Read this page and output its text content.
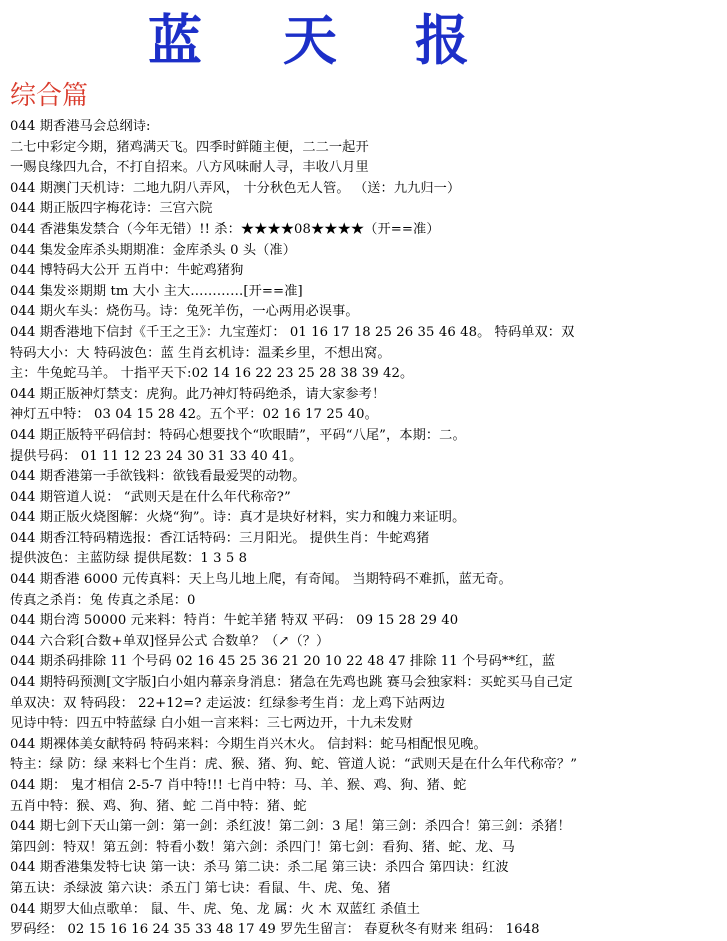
蓝 天 报
综合篇
044 期香港马会总纲诗:
二七中彩定今期，猪鸡满天飞。四季时鲜随主便，二二一起开
一赐良缘四九合，不打自招来。八方风味耐人寻，丰收八月里
044 期澳门天机诗：二地九阴八弄风， 十分秋色无人管。 （送：九九归一）
044 期正版四字梅花诗：三宫六院
044 香港集发禁合（今年无错）!! 杀：★★★★08★★★★（开==准）
044 集发金库杀头期期准：金库杀头 0 头（准）
044 博特码大公开 五肖中：牛蛇鸡猪狗
044 集发※期期 tm 大小 主大…………[开==准]
044 期火车头：烧伤马。诗：兔死羊伤，一心两用必误事。
044 期香港地下信封《千王之王》：九宝莲灯： 01 16 17 18 25 26 35 46 48。 特码单双：双
特码大小：大 特码波色：蓝 生肖玄机诗：温柔乡里，不想出窝。
主：牛兔蛇马羊。 十指平天下:02 14 16 22 23 25 28 38 39 42。
044 期正版神灯禁支：虎狗。此乃神灯特码绝杀，请大家参考！
神灯五中特： 03 04 15 28 42。五个平：02 16 17 25 40。
044 期正版特平码信封：特码心想要找个“吹眼睛”，平码“八尾”，本期：二。
提供号码： 01 11 12 23 24 30 31 33 40 41。
044 期香港第一手欲钱料：欲钱看最爱哭的动物。
044 期管道人说： “武则天是在什么年代称帝?”
044 期正版火烧图解：火烧“狗”。诗：真才是块好材料，实力和魄力来证明。
044 期香江特码精选报：香江话特码：三月阳光。 提供生肖：牛蛇鸡猪
提供波色：主蓝防绿 提供尾数：1 3 5 8
044 期香港 6000 元传真料：天上鸟儿地上爬，有奇闻。 当期特码不难抓，蓝无奇。
传真之杀肖：兔 传真之杀尾：0
044 期台湾 50000 元来料：特肖：牛蛇羊猪 特双 平码： 09 15 28 29 40
044 六合彩[合数+单双]怪异公式 合数单？（↗（？）
044 期杀码排除 11 个号码 02 16 45 25 36 21 20 10 22 48 47 排除 11 个号码**红，蓝
044 期特码预测[文字版]白小姐内幕亲身消息：猪急在先鸡也跳 赛马会独家料：买蛇买马自己定
单双决：双 特码段： 22+12=? 走运波：红绿参考生肖：龙上鸡下站两边
见诗中特：四五中特蓝绿 白小姐一言来料：三七两边开，十九未发财
044 期裸体美女献特码 特码来料：今期生肖兴木火。 信封料：蛇马相配恨见晚。
特主：绿 防：绿 来料七个生肖：虎、猴、猪、狗、蛇、管道人说：“武则天是在什么年代称帝？”
044 期： 鬼才相信 2-5-7 肖中特!!! 七肖中特：马、羊、猴、鸡、狗、猪、蛇
五肖中特：猴、鸡、狗、猪、蛇 二肖中特：猪、蛇
044 期七剑下天山第一剑：第一剑：杀红波！第二剑：3 尾！第三剑：杀四合！第三剑：杀猪！
第四剑：特双！第五剑：特看小数！第六剑：杀四门！第七剑：看狗、猪、蛇、龙、马
044 期香港集发特七诀 第一诀：杀马 第二诀：杀二尾 第三诀：杀四合 第四诀：红波
第五诀：杀绿波 第六诀：杀五门 第七诀：看鼠、牛、虎、兔、猪
044 期罗大仙点歌单： 鼠、牛、虎、兔、龙 属：火 木 双蓝红 杀值土
罗码经： 02 15 16 16 24 35 33 48 17 49 罗先生留言： 春夏秋冬有财来 组码： 1648
